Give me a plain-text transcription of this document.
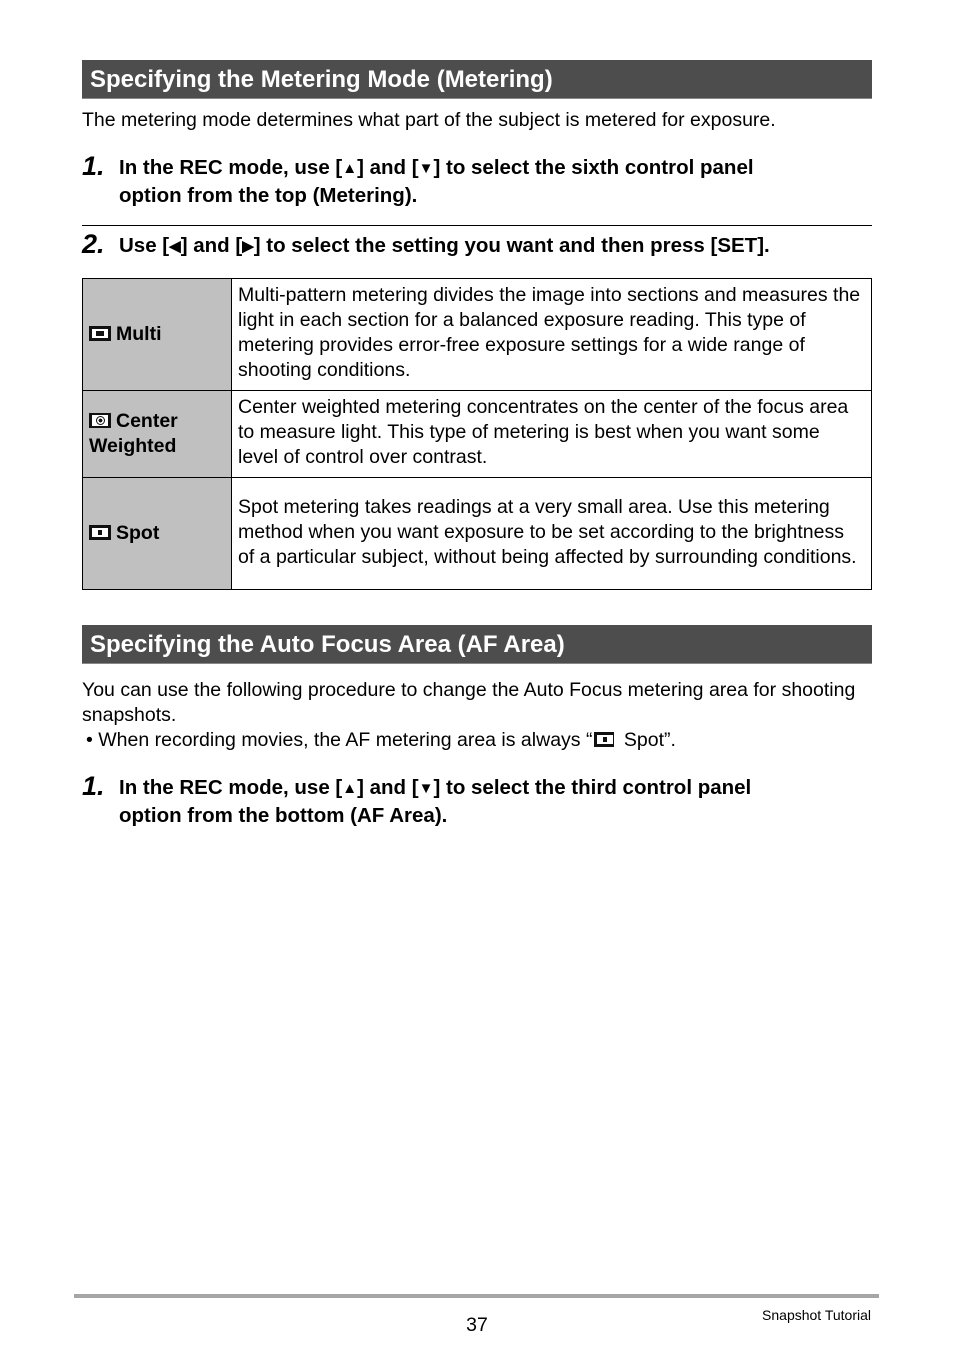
Specifying the Metering Mode (Metering)
The metering mode determines what part of the subject is metered for exposure.
1. In the REC mode, use [▲] and [▼] to select the sixth control panel
option from the top (Metering).
2. Use [◀] and [▶] to select the setting you want and then press [SET].
Multi	Multi-pattern metering divides the image into sections and measures the light in each section for a balanced exposure reading. This type of metering provides error-free exposure settings for a wide range of shooting conditions.
Center Weighted	Center weighted metering concentrates on the center of the focus area to measure light. This type of metering is best when you want some level of control over contrast.
Spot	Spot metering takes readings at a very small area. Use this metering method when you want exposure to be set according to the brightness of a particular subject, without being affected by surrounding conditions.
Specifying the Auto Focus Area (AF Area)
You can use the following procedure to change the Auto Focus metering area for shooting snapshots.
• When recording movies, the AF metering area is always “ Spot”.
1. In the REC mode, use [▲] and [▼] to select the third control panel
option from the bottom (AF Area).
37	Snapshot Tutorial
